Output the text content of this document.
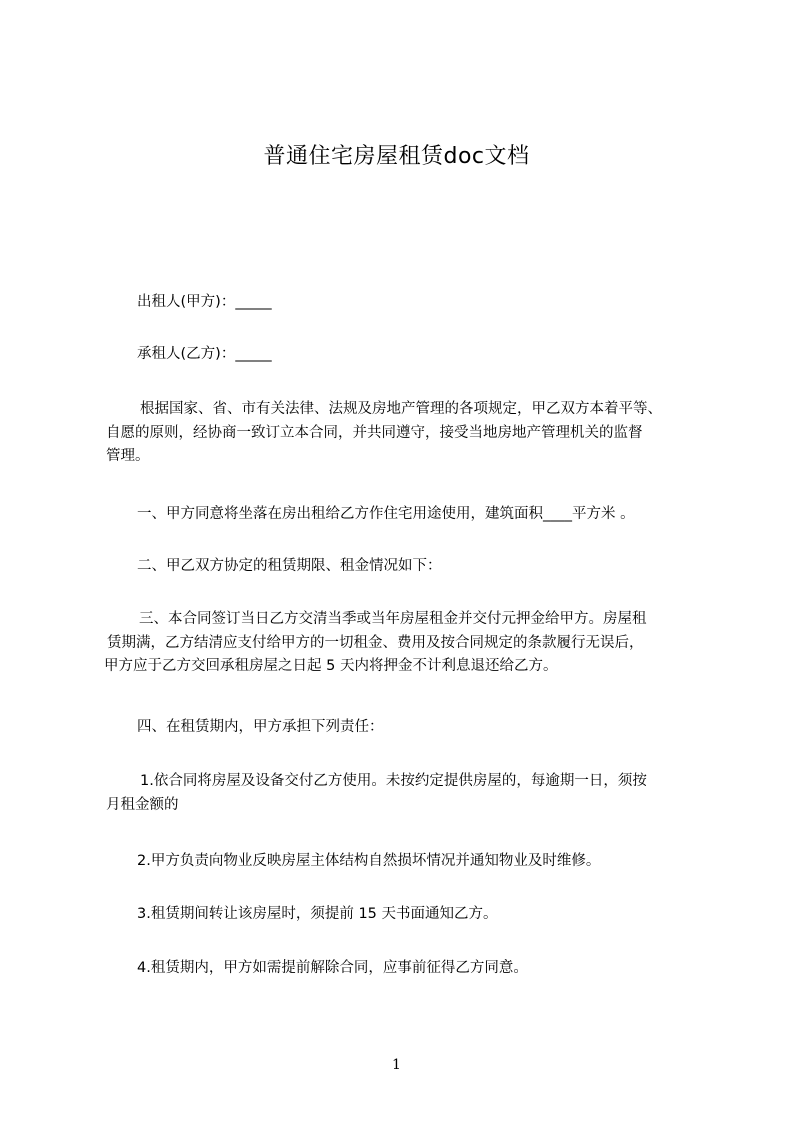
普通住宅房屋租赁doc文档
出租人(甲方)：_____
承租人(乙方)：_____
根据国家、省、市有关法律、法规及房地产管理的各项规定，甲乙双方本着平等、
自愿的原则，经协商一致订立本合同，并共同遵守，接受当地房地产管理机关的监督
管理。
一、甲方同意将坐落在房出租给乙方作住宅用途使用，建筑面积____平方米 。
二、甲乙双方协定的租赁期限、租金情况如下：
三、本合同签订当日乙方交清当季或当年房屋租金并交付元押金给甲方。房屋租
赁期满，乙方结清应支付给甲方的一切租金、费用及按合同规定的条款履行无误后，
甲方应于乙方交回承租房屋之日起 5 天内将押金不计利息退还给乙方。
四、在租赁期内，甲方承担下列责任：
1.依合同将房屋及设备交付乙方使用。未按约定提供房屋的，每逾期一日，须按
月租金额的
2.甲方负责向物业反映房屋主体结构自然损坏情况并通知物业及时维修。
3.租赁期间转让该房屋时，须提前 15 天书面通知乙方。
4.租赁期内，甲方如需提前解除合同，应事前征得乙方同意。
1
